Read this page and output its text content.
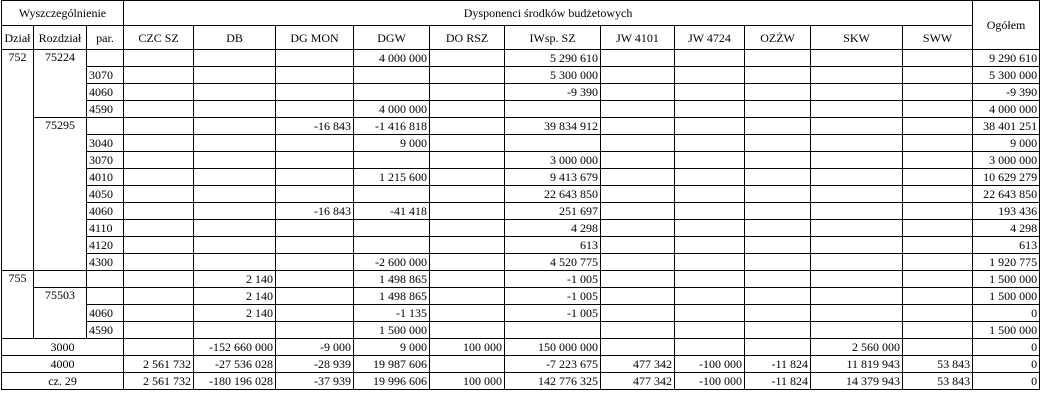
Wyszczególnienie			Dysponenci środków budżetowych											Ogółem
Dział	Rozdział	par.	CZC SZ	DB	DG MON	DGW	DO RSZ	IWsp. SZ	JW 4101	JW 4724	OZŻW	SKW	SWW	
752	75224					4 000 000		5 290 610						9 290 610
		3070						5 300 000						5 300 000
		4060						-9 390						-9 390
		4590				4 000 000								4 000 000
	75295				-16 843	-1 416 818		39 834 912						38 401 251
		3040				9 000								9 000
		3070						3 000 000						3 000 000
		4010				1 215 600		9 413 679						10 629 279
		4050						22 643 850						22 643 850
		4060			-16 843	-41 418		251 697						193 436
		4110						4 298						4 298
		4120						613						613
		4300				-2 600 000		4 520 775						1 920 775
755				2 140		1 498 865		-1 005						1 500 000
	75503			2 140		1 498 865		-1 005						1 500 000
		4060		2 140		-1 135		-1 005						0
		4590				1 500 000								1 500 000
3000				-152 660 000	-9 000	9 000	100 000	150 000 000				2 560 000		0
4000			2 561 732	-27 536 028	-28 939	19 987 606		-7 223 675	477 342	-100 000	-11 824	11 819 943	53 843	0
cz. 29			2 561 732	-180 196 028	-37 939	19 996 606	100 000	142 776 325	477 342	-100 000	-11 824	14 379 943	53 843	0
